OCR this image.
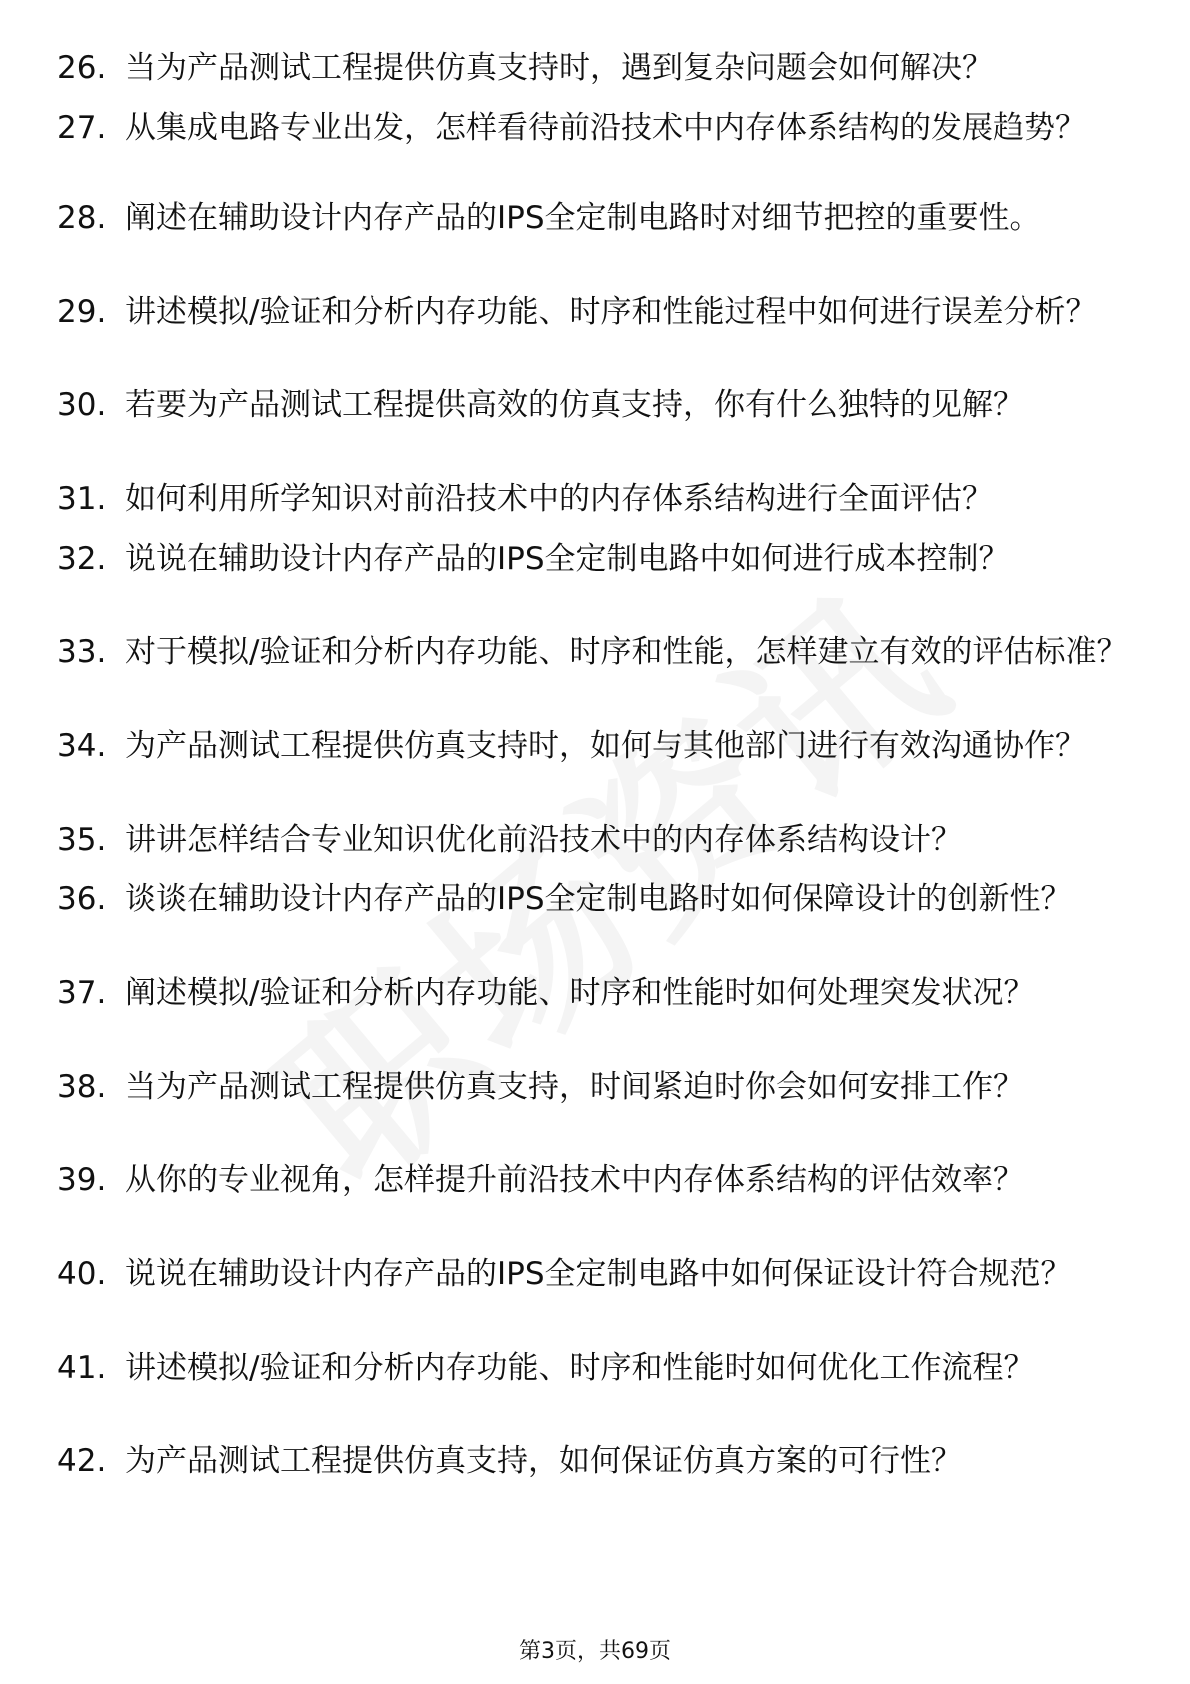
26. 当为产品测试工程提供仿真支持时，遇到复杂问题会如何解决？
27. 从集成电路专业出发，怎样看待前沿技术中内存体系结构的发展趋势？
28. 阐述在辅助设计内存产品的IPS全定制电路时对细节把控的重要性。
29. 讲述模拟/验证和分析内存功能、时序和性能过程中如何进行误差分析？
30. 若要为产品测试工程提供高效的仿真支持，你有什么独特的见解？
31. 如何利用所学知识对前沿技术中的内存体系结构进行全面评估？
32. 说说在辅助设计内存产品的IPS全定制电路中如何进行成本控制？
33. 对于模拟/验证和分析内存功能、时序和性能，怎样建立有效的评估标准？
34. 为产品测试工程提供仿真支持时，如何与其他部门进行有效沟通协作？
35. 讲讲怎样结合专业知识优化前沿技术中的内存体系结构设计？
36. 谈谈在辅助设计内存产品的IPS全定制电路时如何保障设计的创新性？
37. 阐述模拟/验证和分析内存功能、时序和性能时如何处理突发状况？
38. 当为产品测试工程提供仿真支持，时间紧迫时你会如何安排工作？
39. 从你的专业视角，怎样提升前沿技术中内存体系结构的评估效率？
40. 说说在辅助设计内存产品的IPS全定制电路中如何保证设计符合规范？
41. 讲述模拟/验证和分析内存功能、时序和性能时如何优化工作流程？
42. 为产品测试工程提供仿真支持，如何保证仿真方案的可行性？
第3页，共69页
